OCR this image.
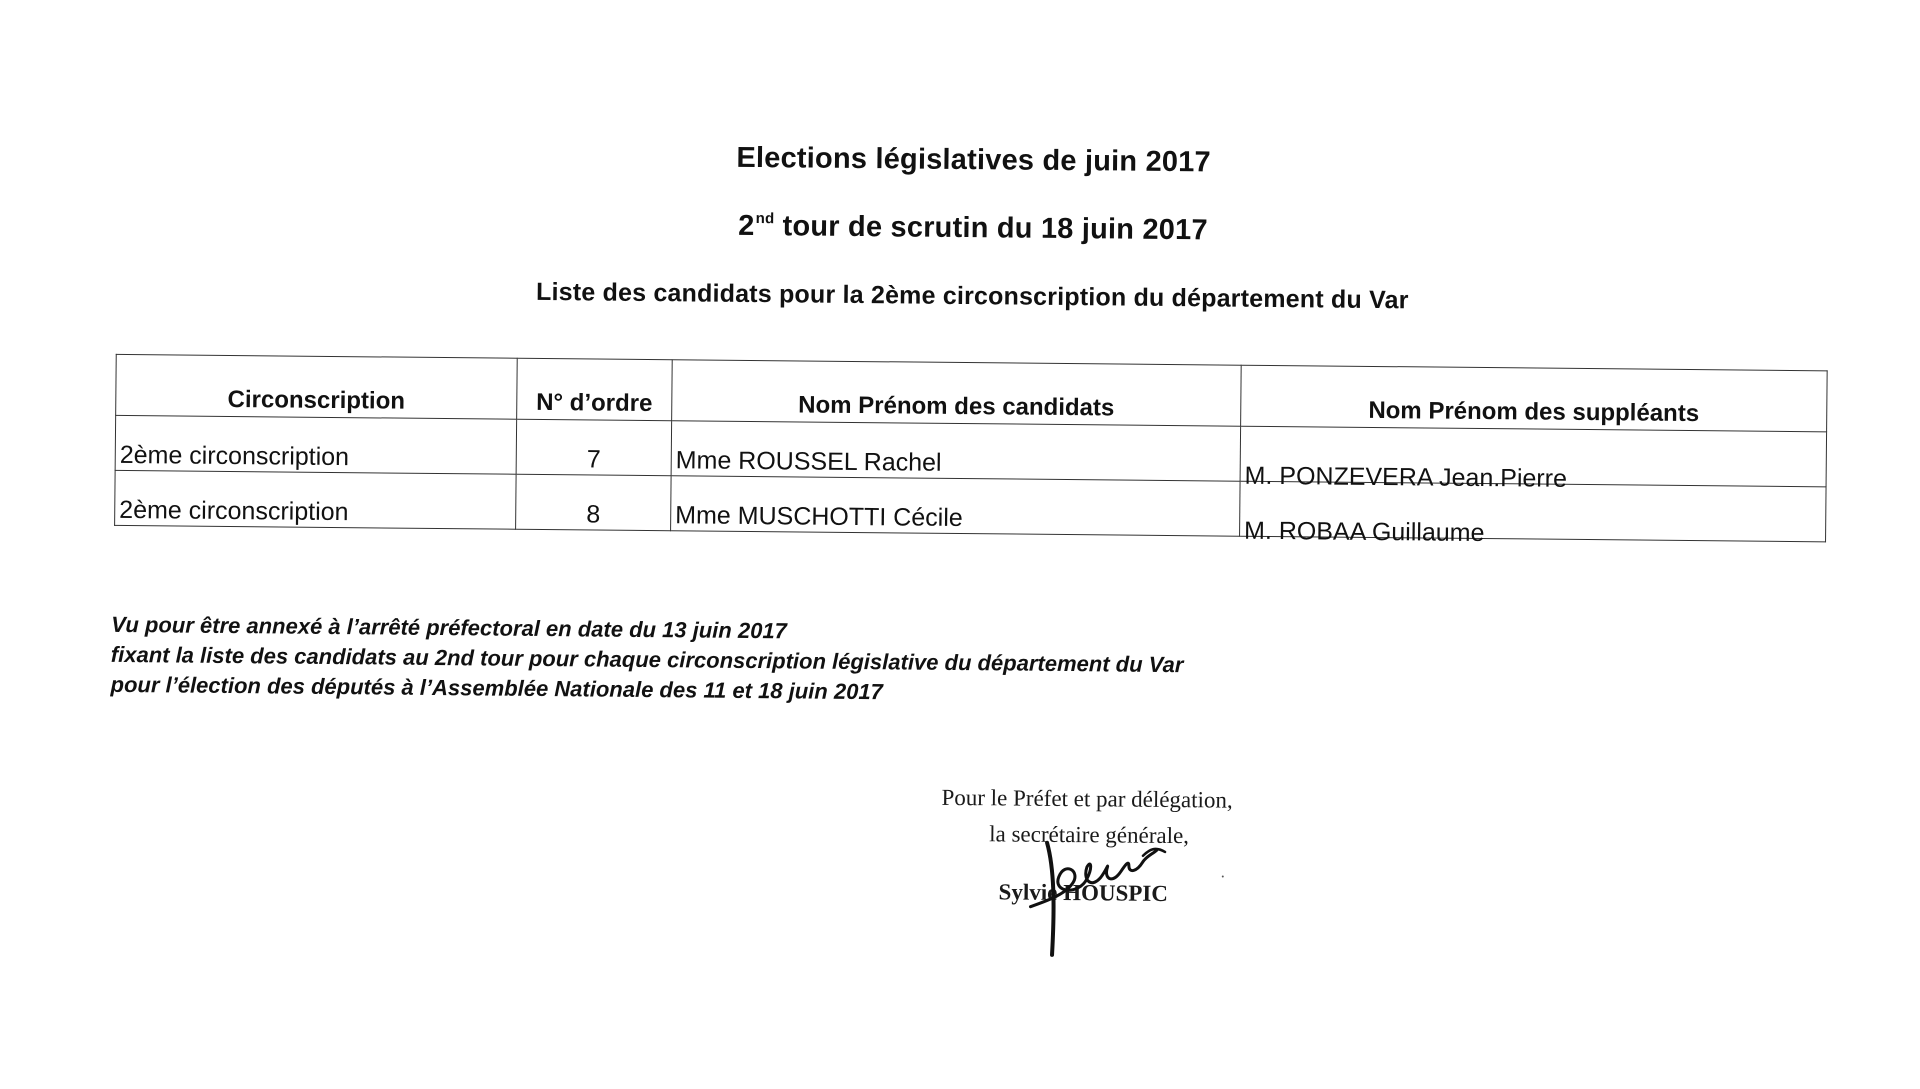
Elections législatives de juin 2017
2nd tour de scrutin du 18 juin 2017
Liste des candidats pour la 2ème circonscription du département du Var
Circonscription	N° d’ordre	Nom Prénom des candidats	Nom Prénom des suppléants
2ème circonscription	7	Mme ROUSSEL Rachel	M. PONZEVERA Jean.Pierre
2ème circonscription	8	Mme MUSCHOTTI Cécile	M. ROBAA Guillaume
Vu pour être annexé à l’arrêté préfectoral en date du 13 juin 2017
fixant la liste des candidats au 2nd tour pour chaque circonscription législative du département du Var
pour l’élection des députés à l’Assemblée Nationale des 11 et 18 juin 2017
Pour le Préfet et par délégation,
la secrétaire générale,
Sylvie HOUSPIC
